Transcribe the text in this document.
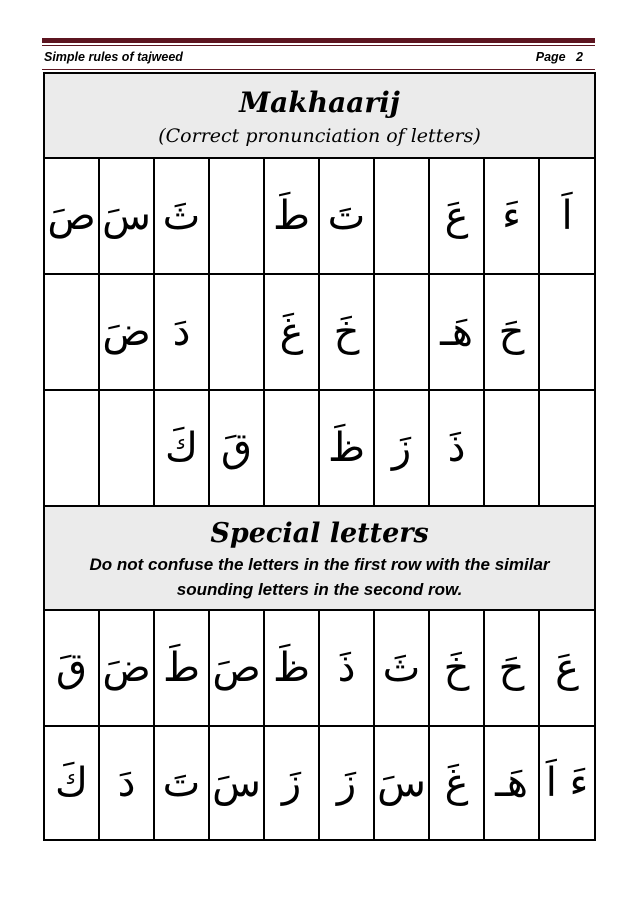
Simple rules of tajweed	Page   2
Makhaarij
(Correct pronunciation of letters)									

صَ	سَ	ثَ		طَ	تَ		عَ	ءَ	اَ
	ضَ	دَ		غَ	خَ		هَـ	حَ	
		كَ	قَ		ظَ	زَ	ذَ		

Special letters
Do not confuse the letters in the first row with the similar sounding letters in the second row.									

قَ	ضَ	طَ	صَ	ظَ	ذَ	ثَ	خَ	حَ	عَ
كَ	دَ	تَ	سَ	زَ	زَ	سَ	غَ	هَـ	ءَ اَ
